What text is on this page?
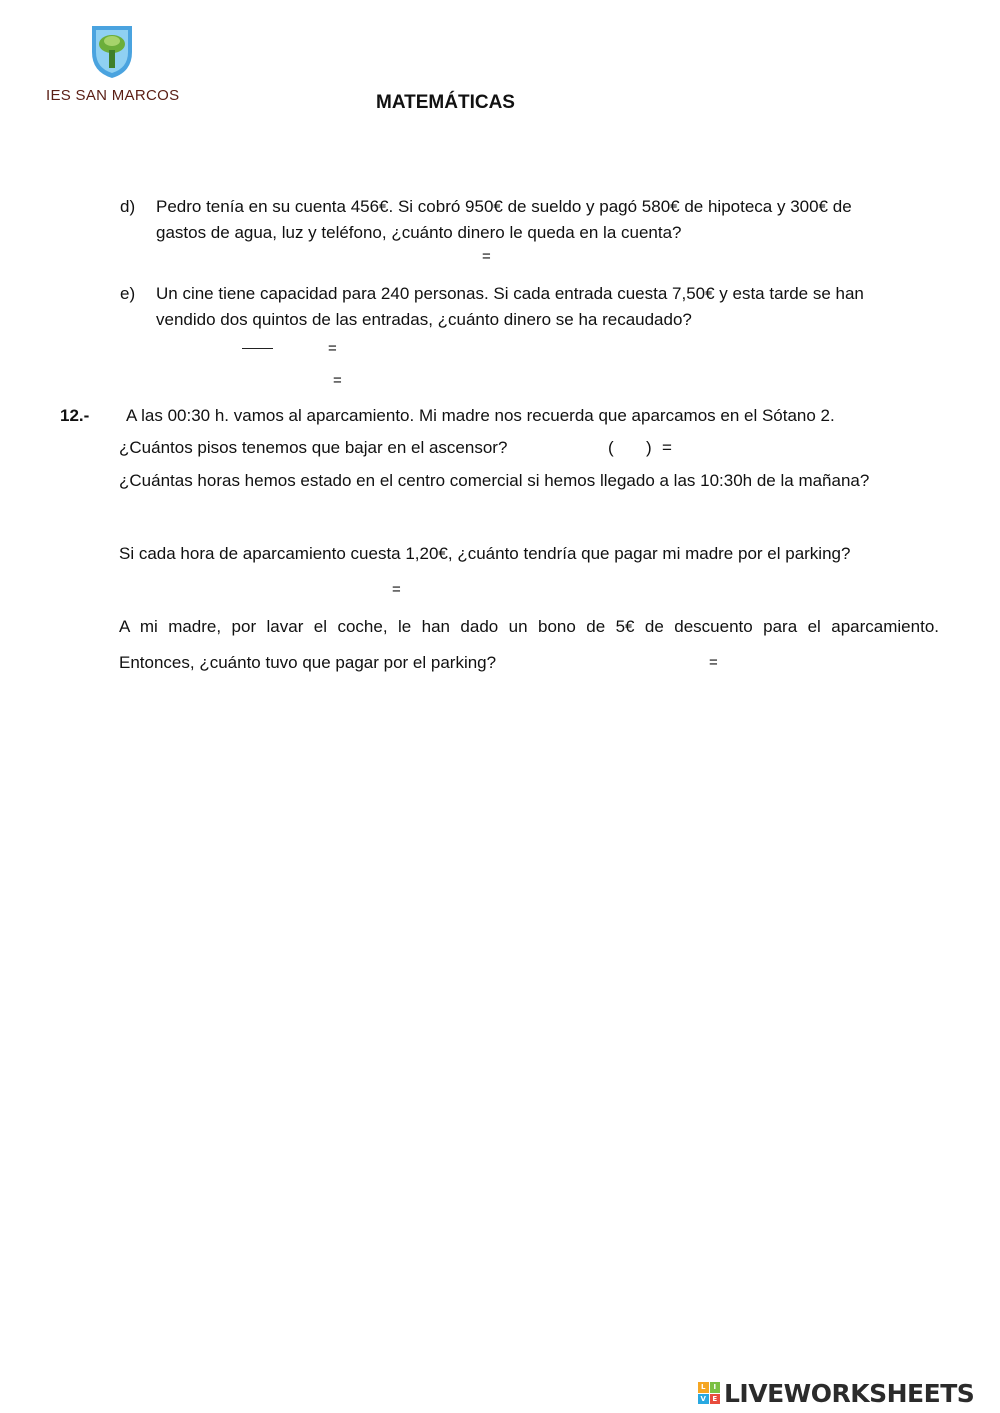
IES SAN MARCOS	MATEMÁTICAS
d) Pedro tenía en su cuenta 456€. Si cobró 950€ de sueldo y pagó 580€ de hipoteca y 300€ de
gastos de agua, luz y teléfono, ¿cuánto dinero le queda en la cuenta?
=
e) Un cine tiene capacidad para 240 personas. Si cada entrada cuesta 7,50€ y esta tarde se han
vendido dos quintos de las entradas, ¿cuánto dinero se ha recaudado?
=
=
12.- A las 00:30 h. vamos al aparcamiento. Mi madre nos recuerda que aparcamos en el Sótano 2.
¿Cuántos pisos tenemos que bajar en el ascensor?	( ) =
¿Cuántas horas hemos estado en el centro comercial si hemos llegado a las 10:30h de la mañana?
Si cada hora de aparcamiento cuesta 1,20€, ¿cuánto tendría que pagar mi madre por el parking?
=
A mi madre, por lavar el coche, le han dado un bono de 5€ de descuento para el aparcamiento.
Entonces, ¿cuánto tuvo que pagar por el parking?	=
L	I
V E LIVEWORKSHEETS
